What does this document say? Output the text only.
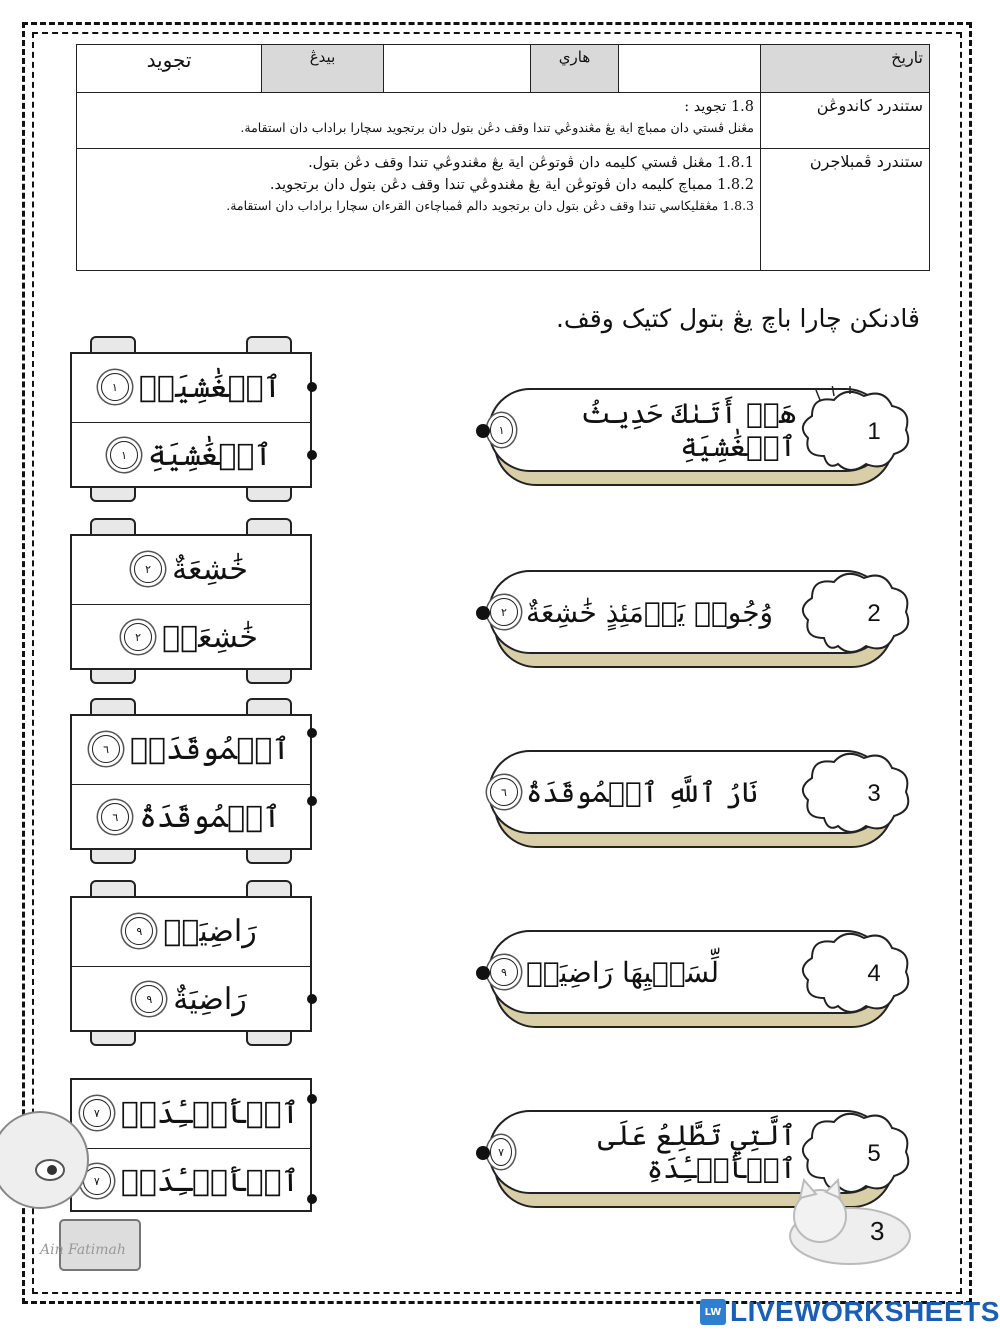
تجويد	بيدڠ		هاري		تاريخ

1.8 تجويد :
مڠنل ڤستي دان ممباچ اية يڠ مڠندوڠي تندا وقف دڠن بتول دان برتجويد سچارا براداب دان استقامة.					ستندرد كاندوڠن

1.8.1 مڠنل ڤستي كليمه دان ڤوتوڠن اية يڠ مڠندوڠي تندا وقف دڠن بتول.
1.8.2 ممباچ كليمه دان ڤوتوڠن اية يڠ مڠندوڠي تندا وقف دڠن بتول دان برتجويد.
1.8.3 مڠقليكاسي تندا وقف دڠن بتول دان برتجويد دالم ڤمباچاءن القرءان سچارا براداب دان استقامة.					ستندرد ڤمبلاجرن
ڤادنكن چارا باچ يڠ بتول كتيک وقف.
ٱلۡغَٰشِيَهۡ
١
ٱلۡغَٰشِيَةِ
١
خَٰشِعَةٌ
٢
خَٰشِعَهۡ
٢
ٱلۡمُوقَدَهۡ
٦
ٱلۡمُوقَدَةُ
٦
رَاضِيَةۡ
٩
رَاضِيَةٌ
٩
ٱلۡأَفۡـِٔدَةۡ
٧
ٱلۡأَفۡـِٔدَهۡ
٧
هَلۡ أَتَىٰكَ حَدِيثُ ٱلۡغَٰشِيَةِ
١	1
وُجُوهٞ يَوۡمَئِذٍ خَٰشِعَةٌ
٢	2
نَارُ ٱللَّهِ ٱلۡمُوقَدَةُ
٦	3
لِّسَعۡيِهَا رَاضِيَةٞ
٩	4
ٱلَّتِي تَطَّلِعُ عَلَى ٱلۡأَفۡـِٔدَةِ
٧	5
Ain Fatimah
3
LW LIVEWORKSHEETS
